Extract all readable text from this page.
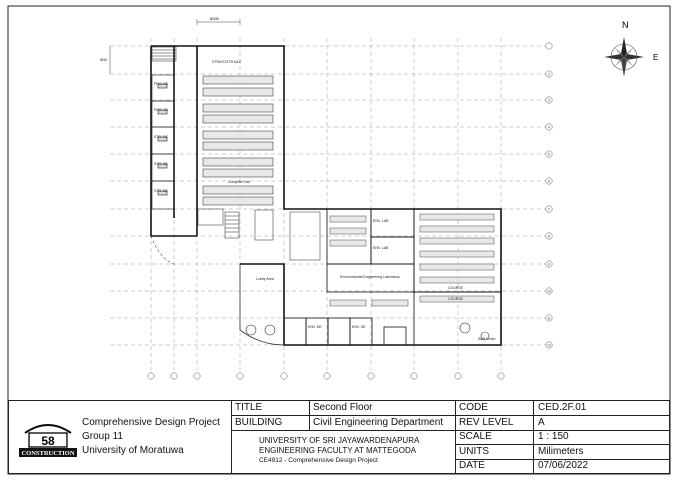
N
E
6000
500	STRAYGSTR A&C
PRG. DE
PRG. DE
STR. DE
STR. DE
STR. DE
Computer Lab
Lobby Area
ENV. LAB
ENV. LAB
COURSE
Environmental Engineering Laboratory
COURSE
Staff Room
ENV. DE	ENV. DE
2
3
4
5
6
7
8
9
10
11
12
58
CONSTRUCTION
Comprehensive Design Project
Group 11
University of Moratuwa
TITLE	Second Floor
BUILDING	Civil Engineering Department
UNIVERSITY OF SRI JAYAWARDENAPURA
ENGINEERING FACULTY AT MATTEGODA
CE4912 - Comprehensive Design Project
CODE	CED.2F.01
REV LEVEL A
SCALE	1 : 150
UNITS	Milimeters
DATE	07/06/2022
